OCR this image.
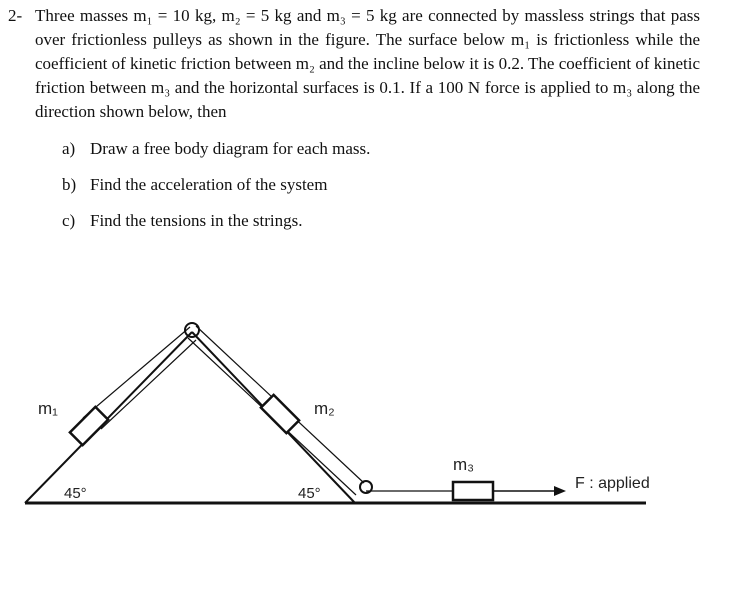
2- Three masses m₁ = 10 kg, m₂ = 5 kg and m₃ = 5 kg are connected by massless strings that pass over frictionless pulleys as shown in the figure. The surface below m₁ is frictionless while the coefficient of kinetic friction between m₂ and the incline below it is 0.2. The coefficient of kinetic friction between m₃ and the horizontal surfaces is 0.1. If a 100 N force is applied to m₃ along the direction shown below, then
a) Draw a free body diagram for each mass.
b) Find the acceleration of the system
c) Find the tensions in the strings.
m₁	m₂
m₃
45°	45°
F : applied
